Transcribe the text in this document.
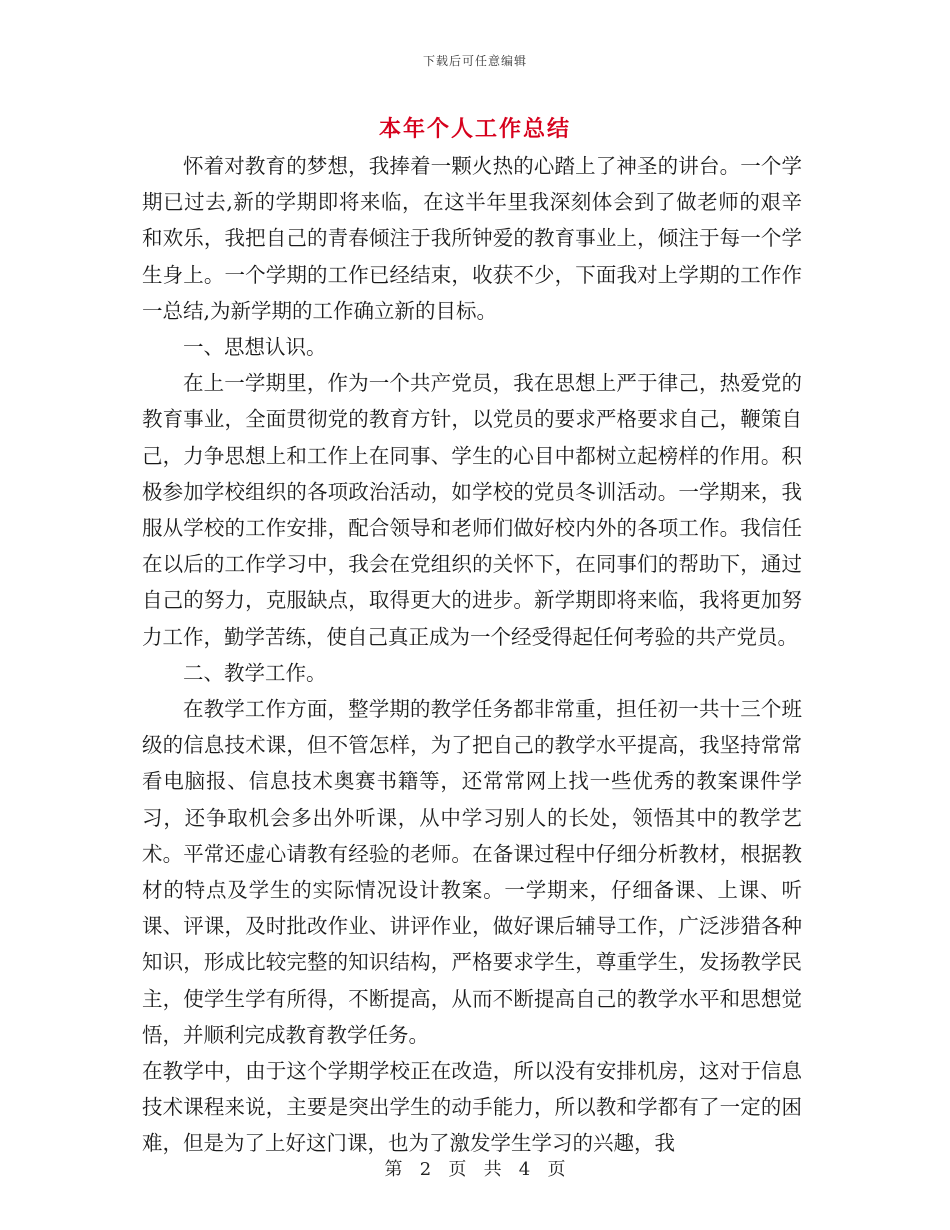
下载后可任意编辑
本年个人工作总结

怀着对教育的梦想，我捧着一颗火热的心踏上了神圣的讲台。一个学期已过去,新的学期即将来临，在这半年里我深刻体会到了做老师的艰辛和欢乐，我把自己的青春倾注于我所钟爱的教育事业上，倾注于每一个学生身上。一个学期的工作已经结束，收获不少，下面我对上学期的工作作一总结,为新学期的工作确立新的目标。

一、思想认识。

在上一学期里，作为一个共产党员，我在思想上严于律己，热爱党的教育事业，全面贯彻党的教育方针，以党员的要求严格要求自己，鞭策自己，力争思想上和工作上在同事、学生的心目中都树立起榜样的作用。积极参加学校组织的各项政治活动，如学校的党员冬训活动。一学期来，我服从学校的工作安排，配合领导和老师们做好校内外的各项工作。我信任在以后的工作学习中，我会在党组织的关怀下，在同事们的帮助下，通过自己的努力，克服缺点，取得更大的进步。新学期即将来临，我将更加努力工作，勤学苦练，使自己真正成为一个经受得起任何考验的共产党员。

二、教学工作。

在教学工作方面，整学期的教学任务都非常重，担任初一共十三个班级的信息技术课，但不管怎样，为了把自己的教学水平提高，我坚持常常看电脑报、信息技术奥赛书籍等，还常常网上找一些优秀的教案课件学习，还争取机会多出外听课，从中学习别人的长处，领悟其中的教学艺术。平常还虚心请教有经验的老师。在备课过程中仔细分析教材，根据教材的特点及学生的实际情况设计教案。一学期来，仔细备课、上课、听课、评课，及时批改作业、讲评作业，做好课后辅导工作，广泛涉猎各种知识，形成比较完整的知识结构，严格要求学生，尊重学生，发扬教学民主，使学生学有所得，不断提高，从而不断提高自己的教学水平和思想觉悟，并顺利完成教育教学任务。

在教学中，由于这个学期学校正在改造，所以没有安排机房，这对于信息技术课程来说，主要是突出学生的动手能力，所以教和学都有了一定的困难，但是为了上好这门课，也为了激发学生学习的兴趣，我

第 2 页 共 4 页
